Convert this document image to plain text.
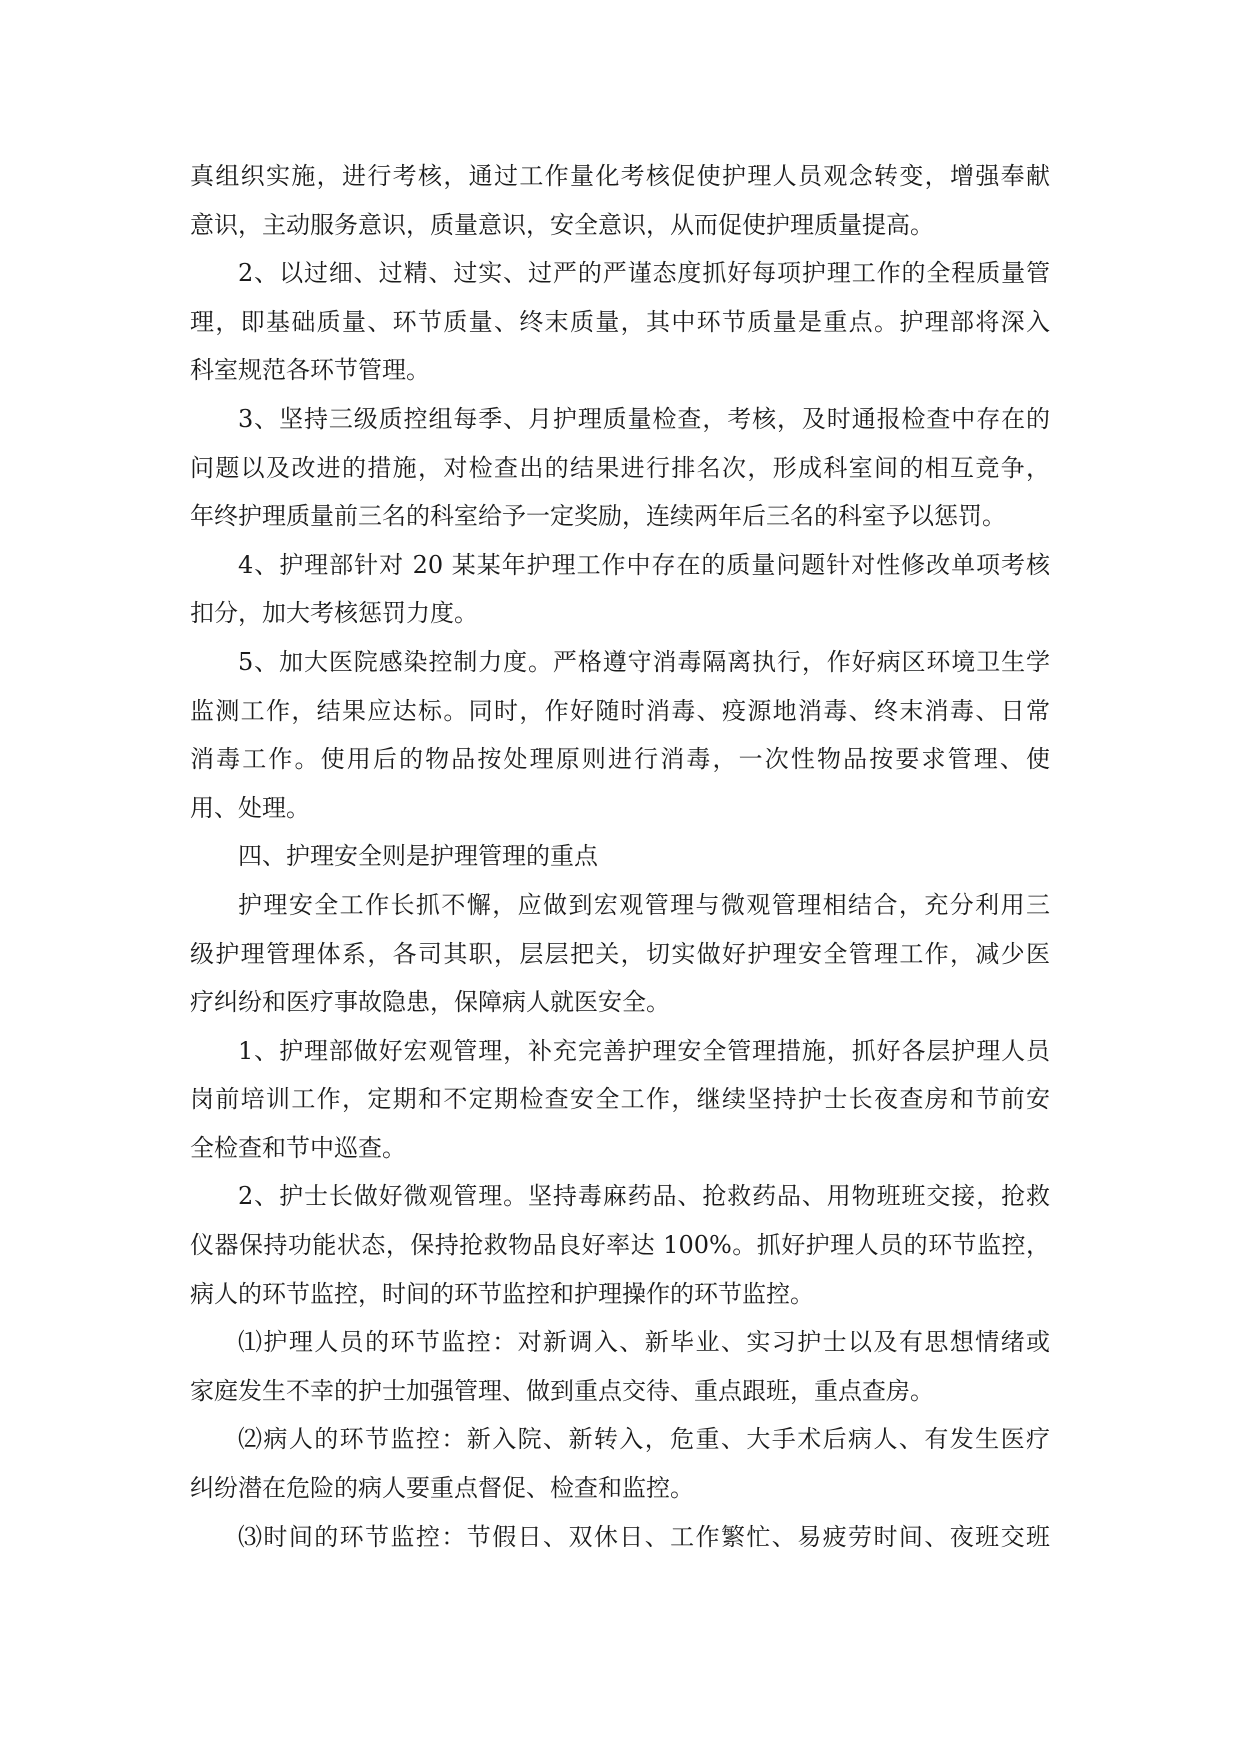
真组织实施，进行考核，通过工作量化考核促使护理人员观念转变，增强奉献
意识，主动服务意识，质量意识，安全意识，从而促使护理质量提高。
2、以过细、过精、过实、过严的严谨态度抓好每项护理工作的全程质量管
理，即基础质量、环节质量、终末质量，其中环节质量是重点。护理部将深入
科室规范各环节管理。
3、坚持三级质控组每季、月护理质量检查，考核，及时通报检查中存在的
问题以及改进的措施，对检查出的结果进行排名次，形成科室间的相互竞争，
年终护理质量前三名的科室给予一定奖励，连续两年后三名的科室予以惩罚。
4、护理部针对 20 某某年护理工作中存在的质量问题针对性修改单项考核
扣分，加大考核惩罚力度。
5、加大医院感染控制力度。严格遵守消毒隔离执行，作好病区环境卫生学
监测工作，结果应达标。同时，作好随时消毒、疫源地消毒、终末消毒、日常
消毒工作。使用后的物品按处理原则进行消毒，一次性物品按要求管理、使
用、处理。
四、护理安全则是护理管理的重点
护理安全工作长抓不懈，应做到宏观管理与微观管理相结合，充分利用三
级护理管理体系，各司其职，层层把关，切实做好护理安全管理工作，减少医
疗纠纷和医疗事故隐患，保障病人就医安全。
1、护理部做好宏观管理，补充完善护理安全管理措施，抓好各层护理人员
岗前培训工作，定期和不定期检查安全工作，继续坚持护士长夜查房和节前安
全检查和节中巡查。
2、护士长做好微观管理。坚持毒麻药品、抢救药品、用物班班交接，抢救
仪器保持功能状态，保持抢救物品良好率达 100%。抓好护理人员的环节监控，
病人的环节监控，时间的环节监控和护理操作的环节监控。
⑴护理人员的环节监控：对新调入、新毕业、实习护士以及有思想情绪或
家庭发生不幸的护士加强管理、做到重点交待、重点跟班，重点查房。
⑵病人的环节监控：新入院、新转入，危重、大手术后病人、有发生医疗
纠纷潜在危险的病人要重点督促、检查和监控。
⑶时间的环节监控：节假日、双休日、工作繁忙、易疲劳时间、夜班交班
